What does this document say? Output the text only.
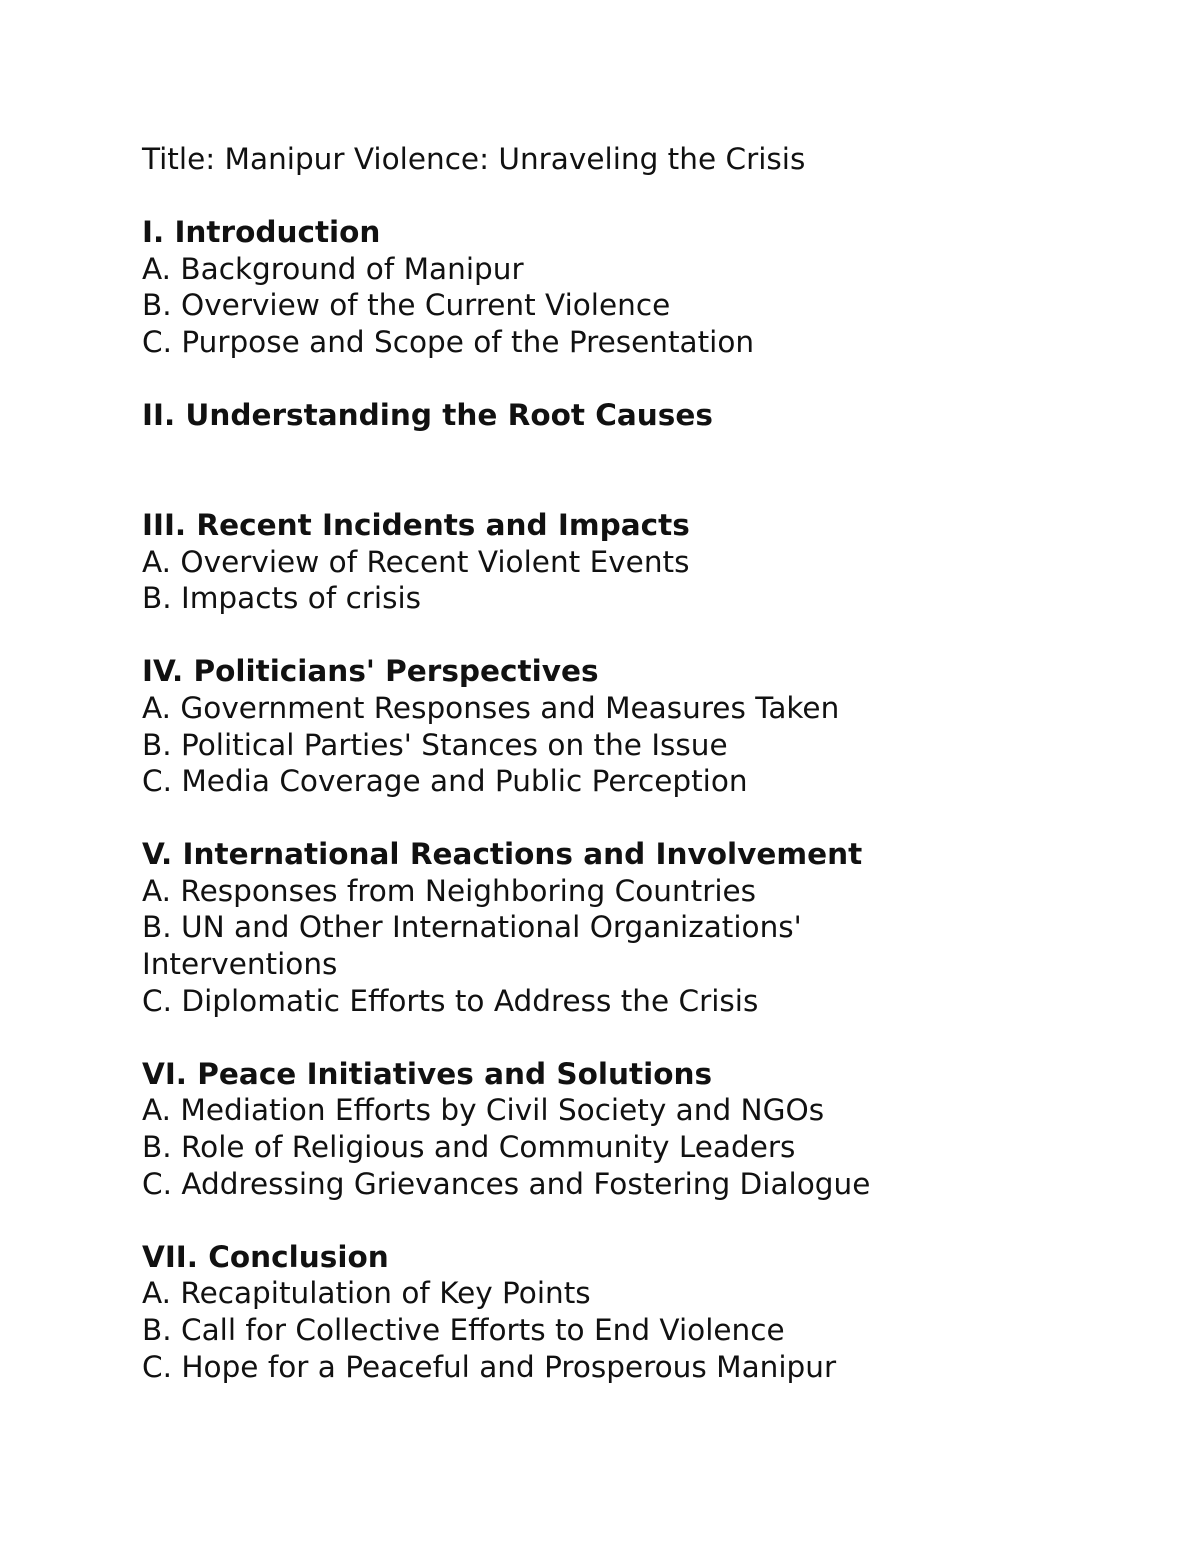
Title: Manipur Violence: Unraveling the Crisis
I. Introduction
A. Background of Manipur
B. Overview of the Current Violence
C. Purpose and Scope of the Presentation
II. Understanding the Root Causes
III. Recent Incidents and Impacts
A. Overview of Recent Violent Events
B. Impacts of crisis
IV. Politicians' Perspectives
A. Government Responses and Measures Taken
B. Political Parties' Stances on the Issue
C. Media Coverage and Public Perception
V. International Reactions and Involvement
A. Responses from Neighboring Countries
B. UN and Other International Organizations'
Interventions
C. Diplomatic Efforts to Address the Crisis
VI. Peace Initiatives and Solutions
A. Mediation Efforts by Civil Society and NGOs
B. Role of Religious and Community Leaders
C. Addressing Grievances and Fostering Dialogue
VII. Conclusion
A. Recapitulation of Key Points
B. Call for Collective Efforts to End Violence
C. Hope for a Peaceful and Prosperous Manipur
